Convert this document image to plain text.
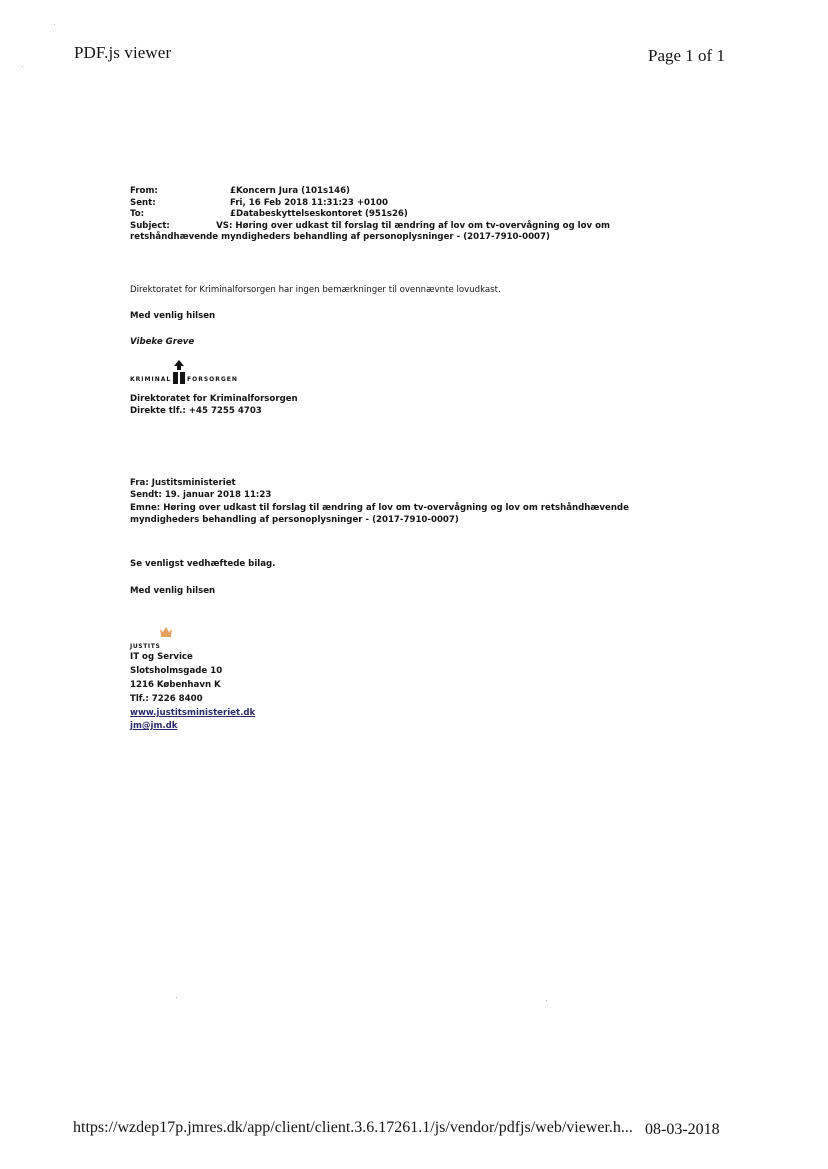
PDF.js viewer	Page 1 of 1
From:	£Koncern Jura (101s146)
Sent:	Fri, 16 Feb 2018 11:31:23 +0100
To:	£Databeskyttelseskontoret (951s26)
Subject:	VS: Høring over udkast til forslag til ændring af lov om tv-overvågning og lov om
retshåndhævende myndigheders behandling af personoplysninger - (2017-7910-0007)
Direktoratet for Kriminalforsorgen har ingen bemærkninger til ovennævnte lovudkast.
Med venlig hilsen
Vibeke Greve
KRIMINAL	FORSORGEN
Direktoratet for Kriminalforsorgen
Direkte tlf.: +45 7255 4703
Fra: Justitsministeriet
Sendt: 19. januar 2018 11:23
Emne: Høring over udkast til forslag til ændring af lov om tv-overvågning og lov om retshåndhævende
myndigheders behandling af personoplysninger - (2017-7910-0007)
Se venligst vedhæftede bilag.
Med venlig hilsen
JUSTITS
IT og Service
Slotsholmsgade 10
1216 København K
Tlf.: 7226 8400
www.justitsministeriet.dk
jm@jm.dk
https://wzdep17p.jmres.dk/app/client/client.3.6.17261.1/js/vendor/pdfjs/web/viewer.h... 08-03-2018
